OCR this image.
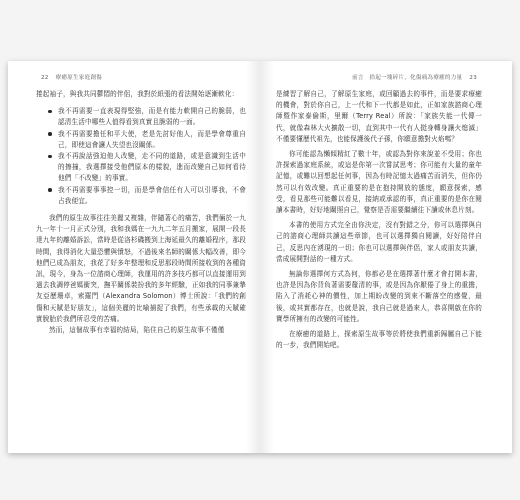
22 療癒原生家庭創傷

捲起袖子，與我共同鬱悶的伴侶，我對於紙張的看法開始逐漸軟化：

我不再需要一直表現得堅強，而是有能力軟開自己的脆弱，也認清生活中哪些人值得看到真實且脆弱的一面。
我不再需要擔任和平大使，老是先討好他人，而是學會尊重自己，即使這會讓人失望也沒關係。
我不再說話強迫他人改變，走不同的道路，或是意識到生活中的擦撞，我選擇接受他們原本的樣貌，進而改變自己如何看待他們「不改變」的事實。
我不再需要事事控一切，而是學會信任有人可以引導我，不會占我便宜。

我們的原生故事往往美麗又複雜，伴隨著心的痛苦，我們倆於一九九一年十一月正式分別，我和我媽在一九九二年五月搬家，展開一段長達九年的離婚訴訟，當時是從洛杉磯搬到上海延最久的離婚程序，那段時間，我得消化大量恐懼與憤怒，不過後來名師的關係大幅改善，即今他們已成為朋友，我花了好多年整理和反思那段時間所接收到的各種資訊，現今，身為一位諮商心理師，我運用的許多技巧都可以直接運用到過去我調停爸媽衝突，撫平關係裝扮我的多年經驗，正如我的同事兼摯友亞歷珊卓，索羅門（Alexandra Solomon）博士所說：「我們的創傷和天賦是好朋友」，這個美麗的比喻捕捉了我們，有些承載的天賦確實脫胎於我們所忍受的苦痛。

然而，這個故事有幸福的結局，陷住自己的原生故事不僅僅

前言　拾起一塊碎片，化傷痛為療癒的力量 23

是練習了解自己，了解原生家庭，或回顧過去的事件，而是要求療癒的機會，對於你自己，上一代和下一代都是如此，正如家族諮商心理師暨作家泰倫斯，里爾（Terry Real）所說：「家族失能一代傳一代，就像森林大火擴散一切，直到其中一代有人挺身轉身讓火熄滅」不僅要懂歷代祖先，也能保護後代子孫，你願意擔對火焰嗎？

你可能認為懶傾精紅了數十年，或認為對你來說並不受用；你也許探索過家庭系統，或這是你第一次嘗試思考；你可能有大量的童年記憶，或難以回想起任何事，因為有時記憶太過痛苦而消失，但你仍然可以有效改變。真正重要的是在抱持開放的態度，願意探索，感受，看見那些可能難以看見，接納或承認的事，真正重要的是你在閱讀本書時，好好地關照自己，覺察是否需要繼續往下讀或休息片刻。

本書的使用方式完全由你決定，沒有對錯之分，你可以選擇與自己的諮商心理師共讀這些章節，也可以選擇獨自閱讀，好好陪伴自己，反思內在湧現的一切；你也可以選擇與伴侶，家人或朋友共讀，當成展開對話的一種方式。

無論你選擇何方式為何，你都必是在選擇著什麼才會打開本書，也許是因為你背負著需要釐清的事，或是因為你厭倦了身上的重擔，陷入了消耗心神的價性，加上期盼改變的到來不斷落空的感覺，最後，或其實都存在，也就是說，我自己就是過來人，恭喜開啟在你的寶學所擁有的改變的可能性。

在療癒的道路上，探索原生故事等於將使我們重新歸屬自己下能的一步，我們開始吧。
